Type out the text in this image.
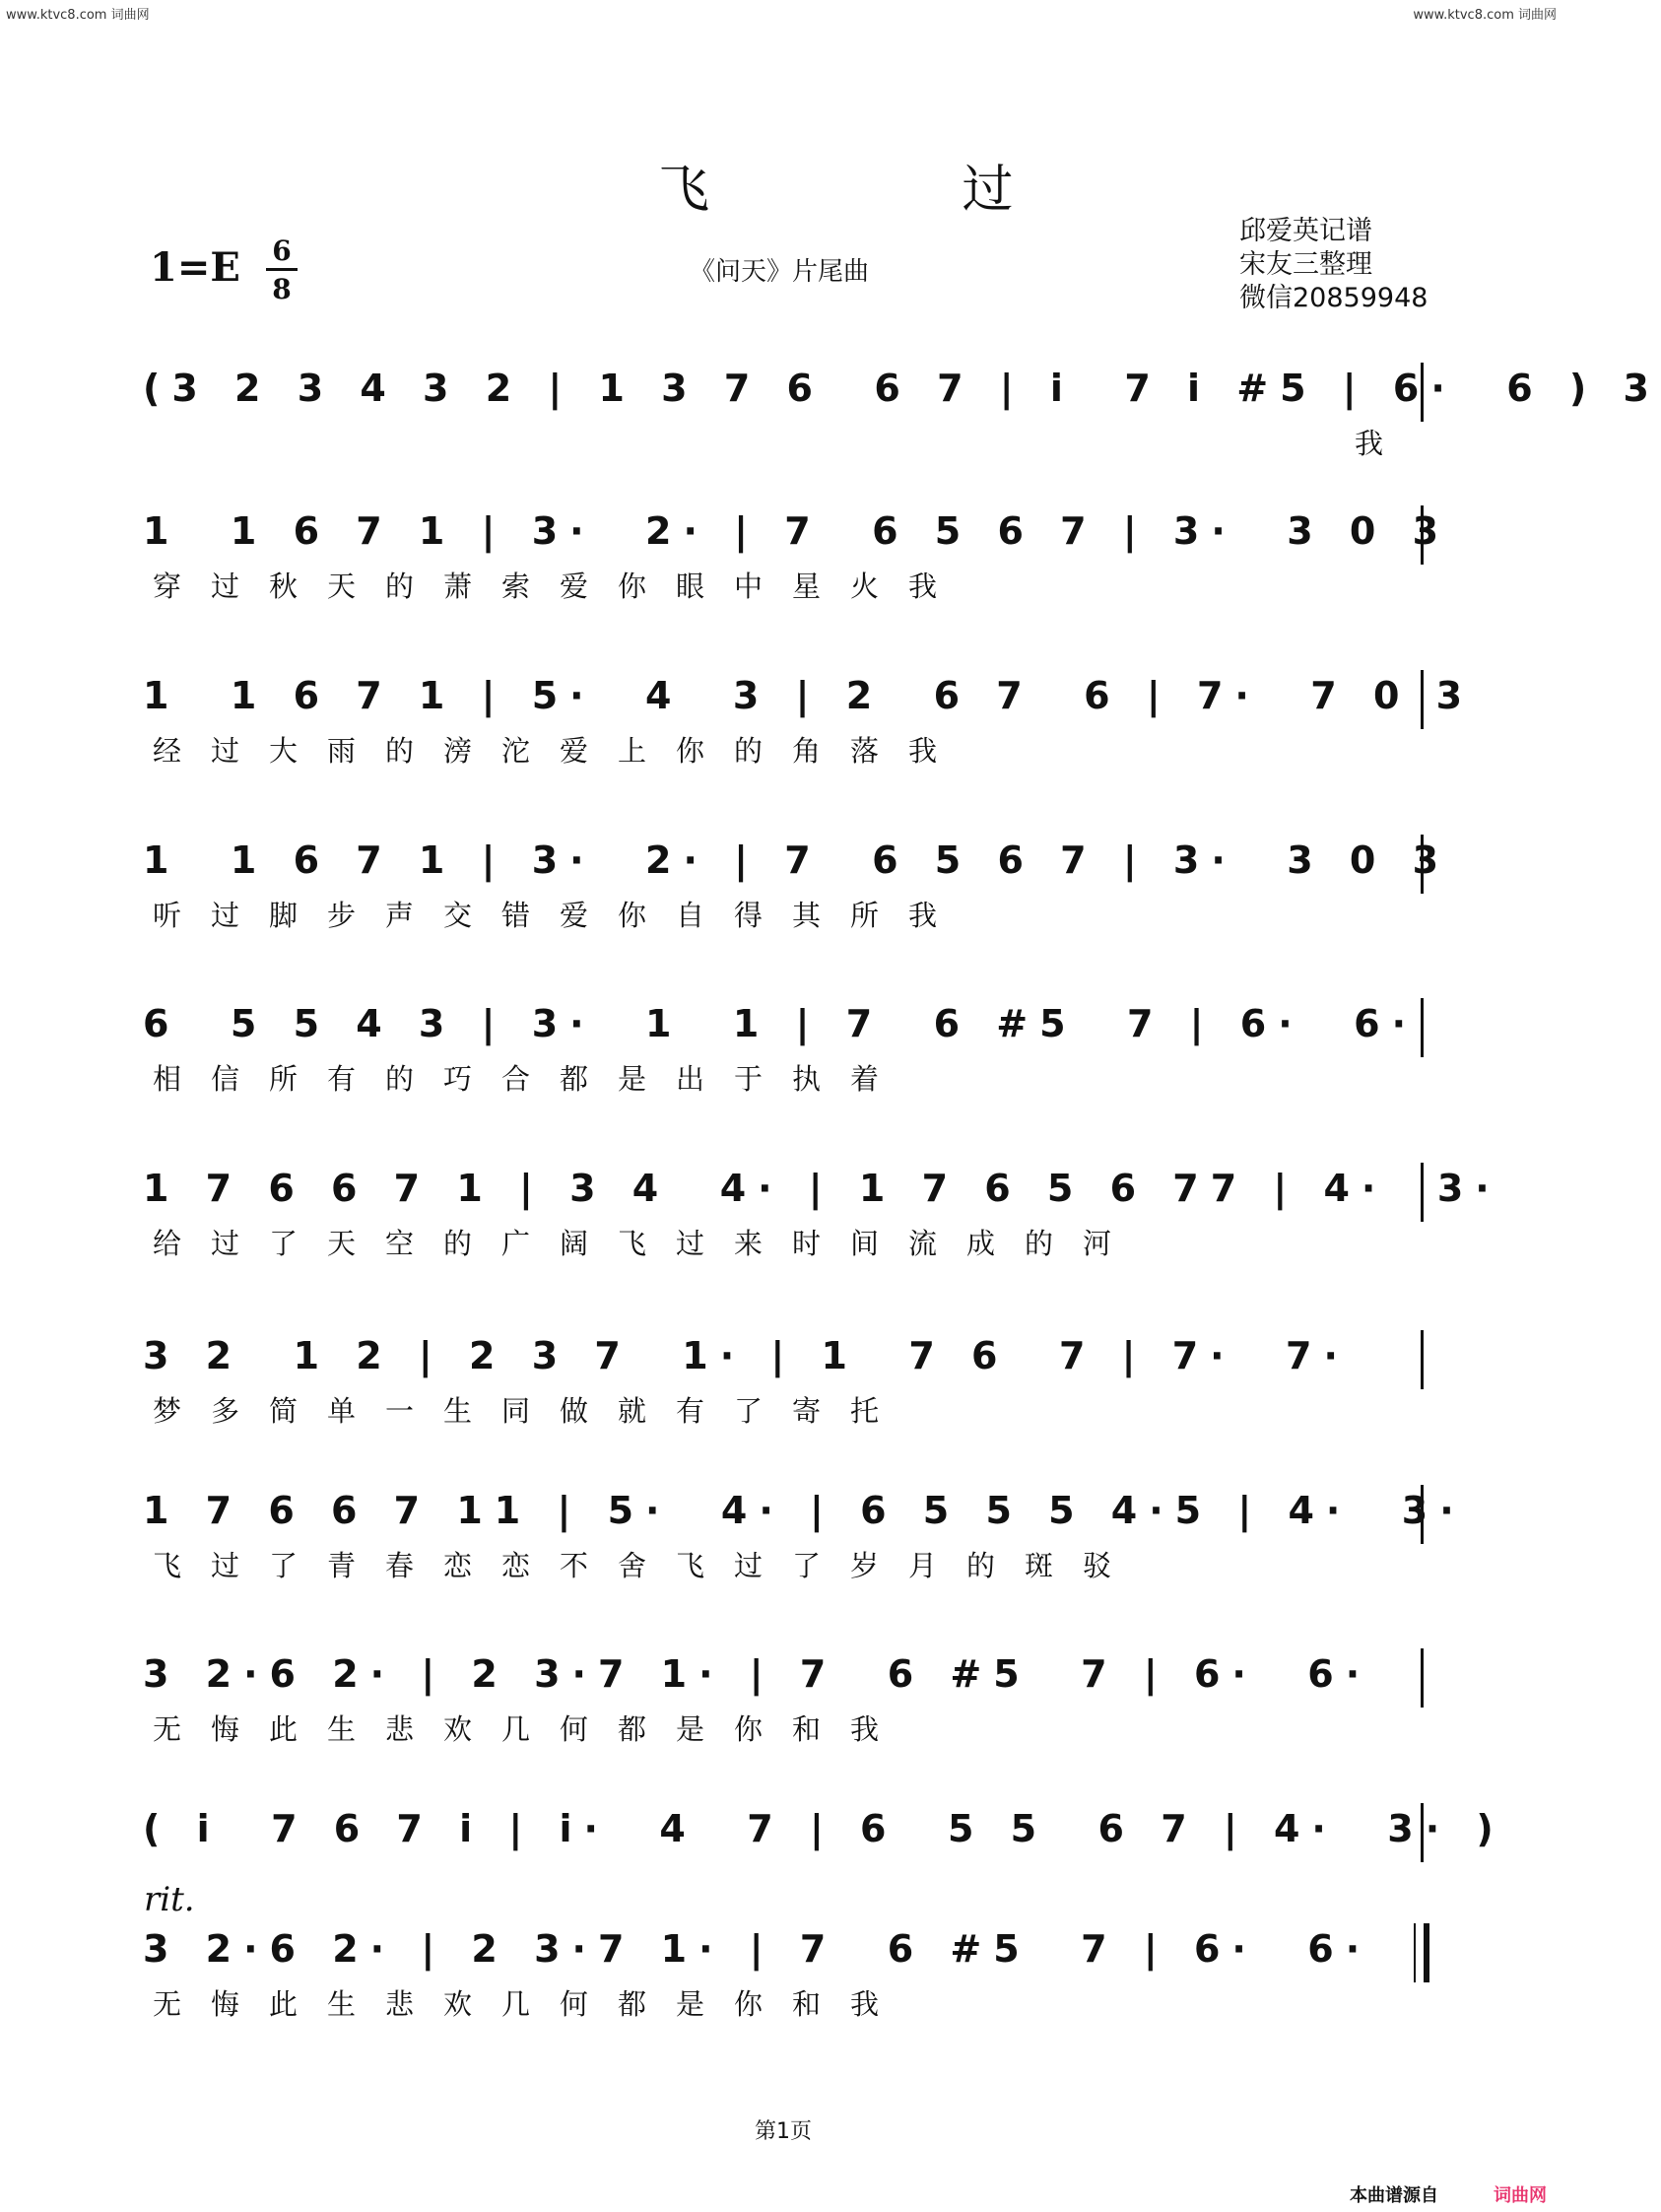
www.ktvc8.com 词曲网	www.ktvc8.com 词曲网
飞 过
1=E 6
8
《问天》片尾曲
邱爱英记谱
宋友三整理
微信20859948
(3 2 3 4 3 2 | 1 3 7 6  6 7 | i  7 i #5 | 6·  6 ) 3
我
1  1 6 7 1 | 3·  2· | 7  6 5 6 7 | 3·  3 0 3
穿过秋天的萧索爱你眼中星火我
1  1 6 7 1 | 5·  4  3 | 2  6 7  6 | 7·  7 0 3
经过大雨的滂沱爱上你的角落我
1  1 6 7 1 | 3·  2· | 7  6 5 6 7 | 3·  3 0 3
听过脚步声交错爱你自得其所我
6  5 5 4 3 | 3·  1  1 | 7  6 #5  7 | 6·  6·
相信所有的巧合都是出于执着
1 7 6 6 7 1 | 3 4  4· | 1 7 6 5 6 77 | 4·  3·
给过了天空的广阔飞过来时间流成的河
3 2  1 2 | 2 3 7  1· | 1  7 6  7 | 7·  7·
梦多简单一生同做就有了寄托
1 7 6 6 7 11 | 5·  4· | 6 5 5 5 4·5 | 4·  3·
飞过了青春恋恋不舍飞过了岁月的斑驳
3 2·6 2· | 2 3·7 1· | 7  6 #5  7 | 6·  6·
无悔此生悲欢几何都是你和我
( i  7 6 7 i | i·  4  7 | 6  5 5  6 7 | 4·  3· )
rit.
3 2·6 2· | 2 3·7 1· | 7  6 #5  7 | 6·  6·
无悔此生悲欢几何都是你和我
第1页
本曲谱源自	词曲网
